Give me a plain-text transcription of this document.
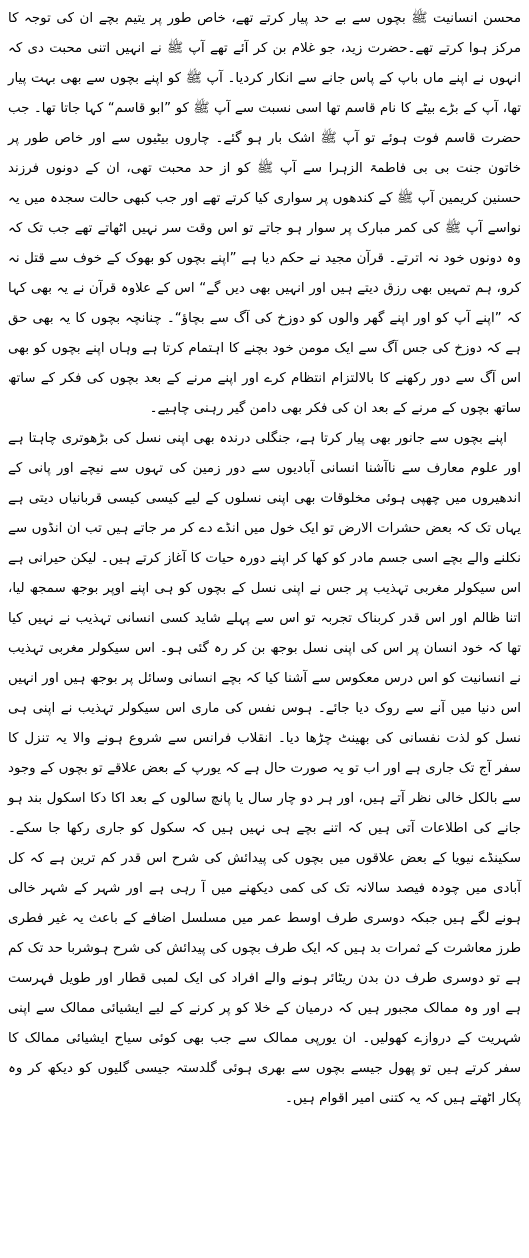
محسن انسانیت ﷺ بچوں سے بے حد پیار کرتے تھے، خاص طور پر یتیم بچے ان کی توجہ کا مرکز ہوا کرتے تھے۔حضرت زید، جو غلام بن کر آئے تھے آپ ﷺ نے انہیں اتنی محبت دی کہ انہوں نے اپنے ماں باپ کے پاس جانے سے انکار کردیا۔ آپ ﷺ کو اپنے بچوں سے بھی بہت پیار تھا، آپ کے بڑے بیٹے کا نام قاسم تھا اسی نسبت سے آپ ﷺ کو ”ابو قاسم“ کہا جاتا تھا۔ جب حضرت قاسم فوت ہوئے تو آپ ﷺ اشک بار ہو گئے۔ چاروں بیٹیوں سے اور خاص طور پر خاتون جنت بی بی فاطمۃ الزہرا سے آپ ﷺ کو از حد محبت تھی، ان کے دونوں فرزند حسنین کریمین آپ ﷺ کے کندھوں پر سواری کیا کرتے تھے اور جب کبھی حالت سجدہ میں یہ نواسے آپ ﷺ کی کمر مبارک پر سوار ہو جاتے تو اس وقت سر نہیں اٹھاتے تھے جب تک کہ وہ دونوں خود نہ اترتے۔ قرآن مجید نے حکم دیا ہے ”اپنے بچوں کو بھوک کے خوف سے قتل نہ کرو، ہم تمہیں بھی رزق دیتے ہیں اور انہیں بھی دیں گے“ اس کے علاوہ قرآن نے یہ بھی کہا کہ ”اپنے آپ کو اور اپنے گھر والوں کو دوزخ کی آگ سے بچاؤ“۔ چنانچہ بچوں کا یہ بھی حق ہے کہ دوزخ کی جس آگ سے ایک مومن خود بچنے کا اہتمام کرتا ہے وہاں اپنے بچوں کو بھی اس آگ سے دور رکھنے کا بالالتزام انتظام کرے اور اپنے مرنے کے بعد بچوں کی فکر کے ساتھ ساتھ بچوں کے مرنے کے بعد ان کی فکر بھی دامن گیر رہنی چاہیے۔

اپنے بچوں سے جانور بھی پیار کرتا ہے، جنگلی درندہ بھی اپنی نسل کی بڑھوتری چاہتا ہے اور علوم معارف سے ناآشنا انسانی آبادیوں سے دور زمین کی تہوں سے نیچے اور پانی کے اندھیروں میں چھپی ہوئی مخلوقات بھی اپنی نسلوں کے لیے کیسی کیسی قربانیاں دیتی ہے یہاں تک کہ بعض حشرات الارض تو ایک خول میں انڈے دے کر مر جاتے ہیں تب ان انڈوں سے نکلنے والے بچے اسی جسم مادر کو کھا کر اپنے دورہ حیات کا آغاز کرتے ہیں۔ لیکن حیرانی ہے اس سیکولر مغربی تہذیب پر جس نے اپنی نسل کے بچوں کو ہی اپنے اوپر بوجھ سمجھ لیا، اتنا ظالم اور اس قدر کربناک تجربہ تو اس سے پہلے شاید کسی انسانی تہذیب نے نہیں کیا تھا کہ خود انسان پر اس کی اپنی نسل بوجھ بن کر رہ گئی ہو۔ اس سیکولر مغربی تہذیب نے انسانیت کو اس درس معکوس سے آشنا کیا کہ بچے انسانی وسائل پر بوجھ ہیں اور انہیں اس دنیا میں آنے سے روک دیا جائے۔ ہوس نفس کی ماری اس سیکولر تہذیب نے اپنی ہی نسل کو لذت نفسانی کی بھینٹ چڑھا دیا۔ انقلاب فرانس سے شروع ہونے والا یہ تنزل کا سفر آج تک جاری ہے اور اب تو یہ صورت حال ہے کہ یورپ کے بعض علاقے تو بچوں کے وجود سے بالکل خالی نظر آتے ہیں، اور ہر دو چار سال یا پانچ سالوں کے بعد اکا دکا اسکول بند ہو جانے کی اطلاعات آتی ہیں کہ اتنے بچے ہی نہیں ہیں کہ سکول کو جاری رکھا جا سکے۔ سکینڈے نیویا کے بعض علاقوں میں بچوں کی پیدائش کی شرح اس قدر کم ترین ہے کہ کل آبادی میں چودہ فیصد سالانہ تک کی کمی دیکھنے میں آ رہی ہے اور شہر کے شہر خالی ہونے لگے ہیں جبکہ دوسری طرف اوسط عمر میں مسلسل اضافے کے باعث یہ غیر فطری طرز معاشرت کے ثمرات بد ہیں کہ ایک طرف بچوں کی پیدائش کی شرح ہوشربا حد تک کم ہے تو دوسری طرف دن بدن ریٹائر ہونے والے افراد کی ایک لمبی قطار اور طویل فہرست ہے اور وہ ممالک مجبور ہیں کہ درمیان کے خلا کو پر کرنے کے لیے ایشیائی ممالک سے اپنی شہریت کے دروازے کھولیں۔ ان یورپی ممالک سے جب بھی کوئی سیاح ایشیائی ممالک کا سفر کرتے ہیں تو پھول جیسے بچوں سے بھری ہوئی گلدستہ جیسی گلیوں کو دیکھ کر وہ پکار اٹھتے ہیں کہ یہ کتنی امیر اقوام ہیں۔
